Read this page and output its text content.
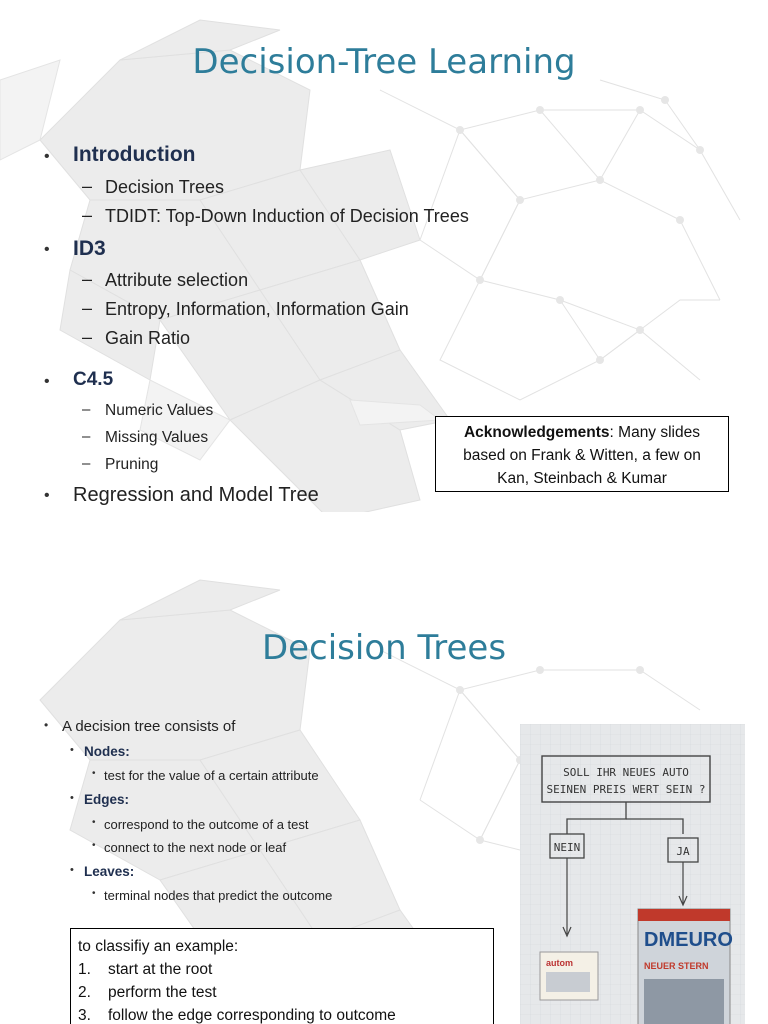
Decision-Tree Learning
• Introduction
– Decision Trees
– TDIDT: Top-Down Induction of Decision Trees
• ID3
– Attribute selection
– Entropy, Information, Information Gain
– Gain Ratio
• C4.5
– Numeric Values
– Missing Values
– Pruning
• Regression and Model Tree
Acknowledgements: Many slides
based on Frank & Witten, a few on
Kan, Steinbach & Kumar
Decision Trees
• A decision tree consists of
• Nodes:
• test for the value of a certain attribute
• Edges:
• correspond to the outcome of a test
• connect to the next node or leaf
• Leaves:
• terminal nodes that predict the outcome
to classifiy an example:
1. start at the root
2. perform the test
3. follow the edge corresponding to outcome
SOLL IHR NEUES AUTO
SEINEN PREIS WERT SEIN ?
NEIN	JA
autom
DMEURO
NEUER STERN
